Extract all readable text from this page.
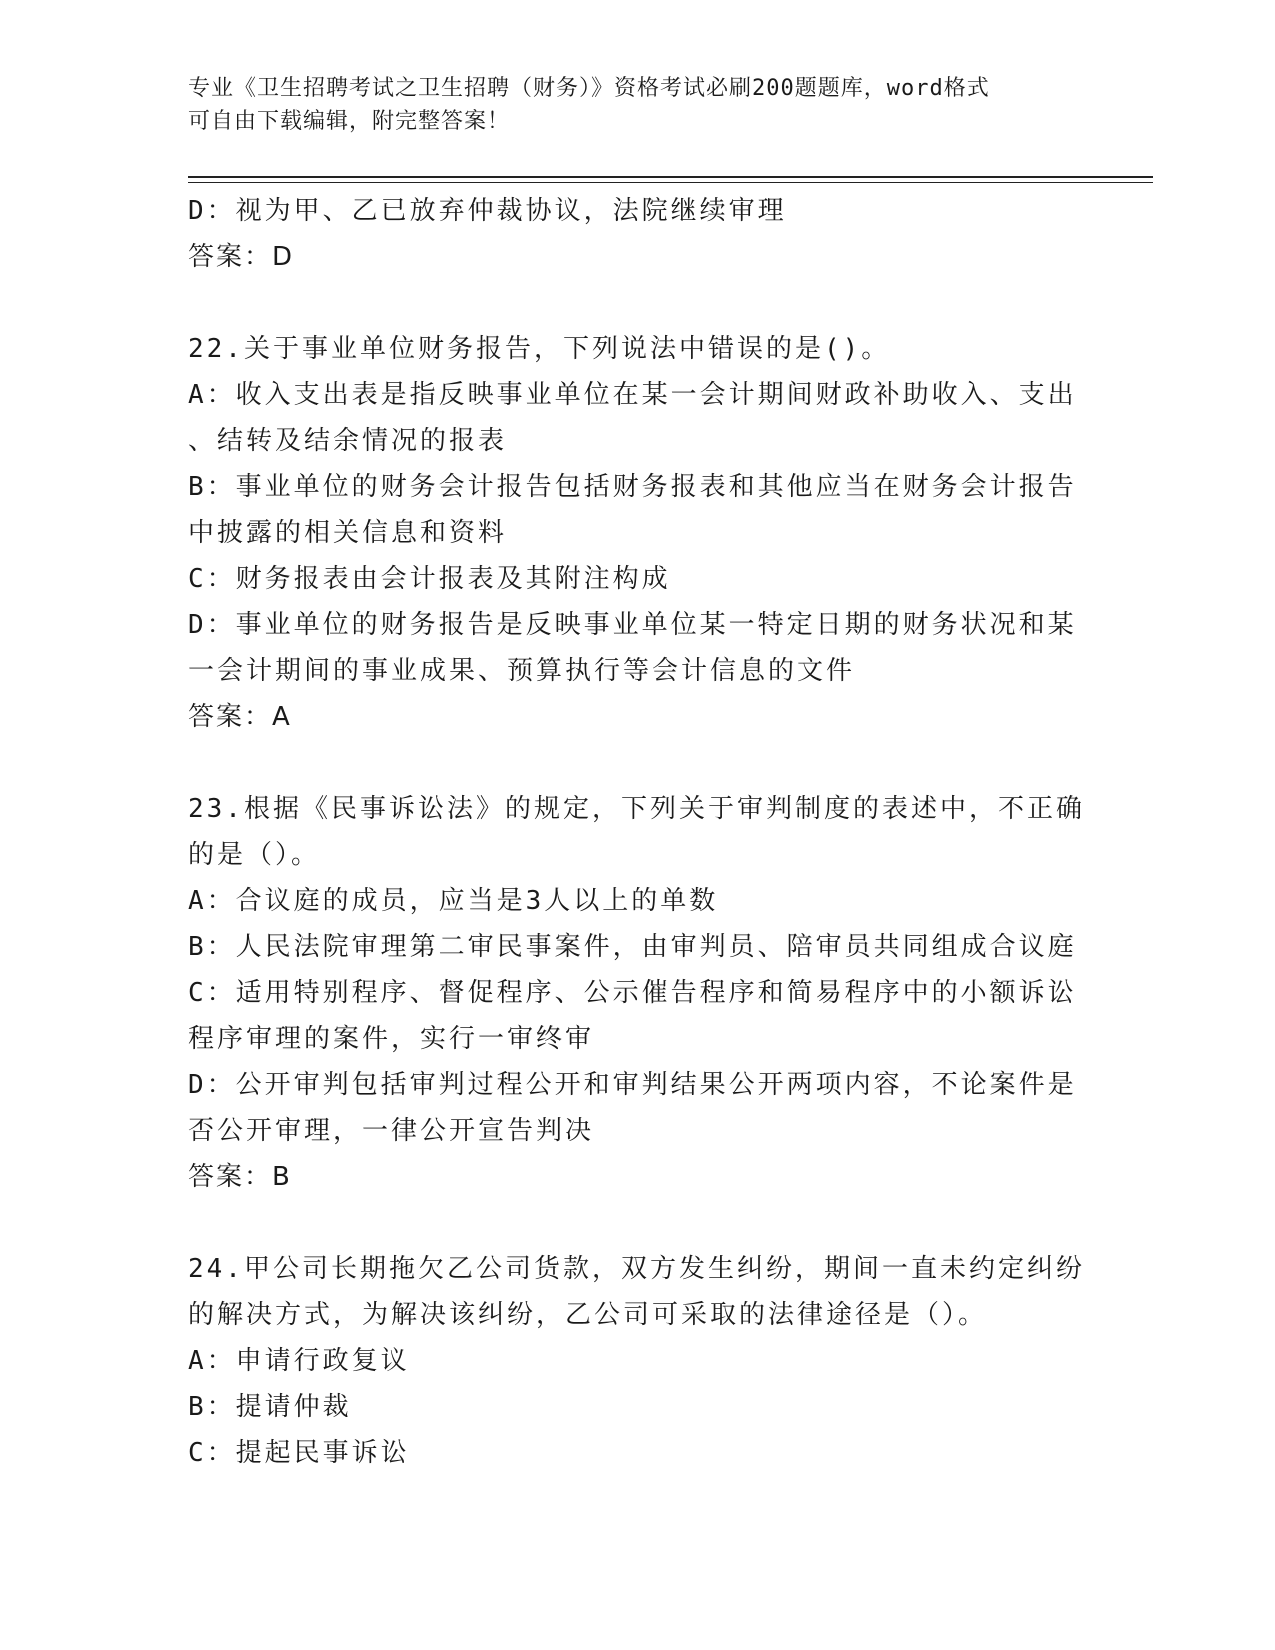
专业《卫生招聘考试之卫生招聘（财务）》资格考试必刷200题题库，word格式
可自由下载编辑，附完整答案！
D：视为甲、乙已放弃仲裁协议，法院继续审理
答案：D
22.关于事业单位财务报告，下列说法中错误的是()。
A：收入支出表是指反映事业单位在某一会计期间财政补助收入、支出
、结转及结余情况的报表
B：事业单位的财务会计报告包括财务报表和其他应当在财务会计报告
中披露的相关信息和资料
C：财务报表由会计报表及其附注构成
D：事业单位的财务报告是反映事业单位某一特定日期的财务状况和某
一会计期间的事业成果、预算执行等会计信息的文件
答案：A
23.根据《民事诉讼法》的规定，下列关于审判制度的表述中，不正确
的是（）。
A：合议庭的成员，应当是3人以上的单数
B：人民法院审理第二审民事案件，由审判员、陪审员共同组成合议庭
C：适用特别程序、督促程序、公示催告程序和简易程序中的小额诉讼
程序审理的案件，实行一审终审
D：公开审判包括审判过程公开和审判结果公开两项内容，不论案件是
否公开审理，一律公开宣告判决
答案：B
24.甲公司长期拖欠乙公司货款，双方发生纠纷，期间一直未约定纠纷
的解决方式，为解决该纠纷，乙公司可采取的法律途径是（）。
A：申请行政复议
B：提请仲裁
C：提起民事诉讼
